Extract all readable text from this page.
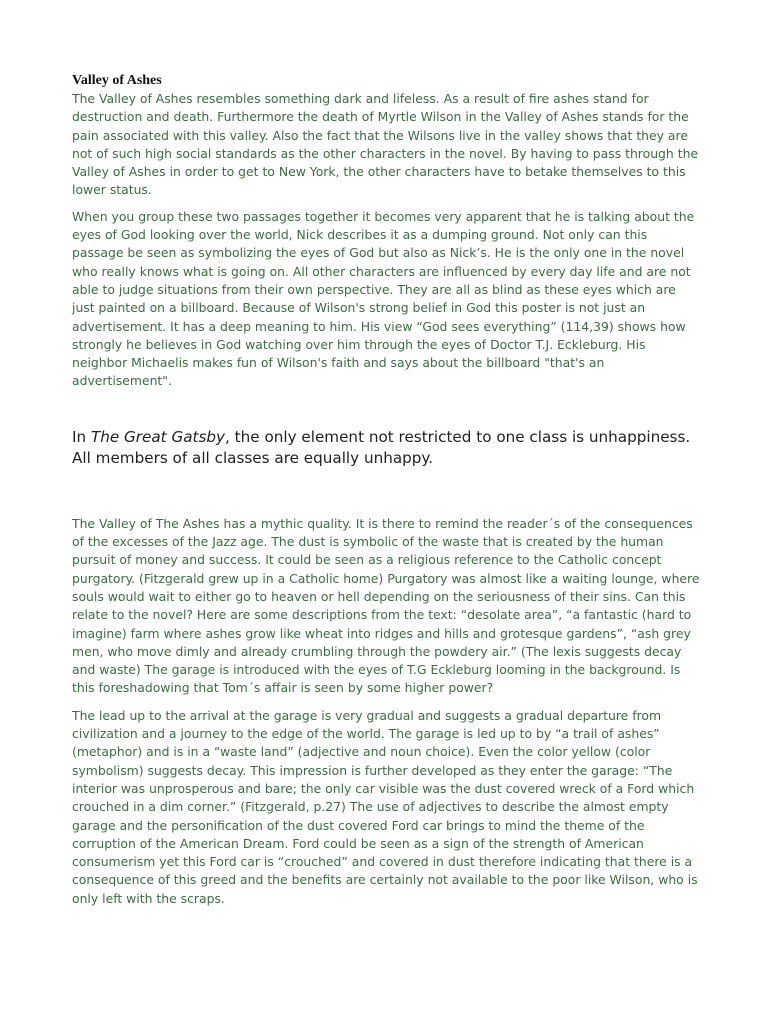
Valley of Ashes

The Valley of Ashes resembles something dark and lifeless. As a result of fire ashes stand for destruction and death. Furthermore the death of Myrtle Wilson in the Valley of Ashes stands for the pain associated with this valley. Also the fact that the Wilsons live in the valley shows that they are not of such high social standards as the other characters in the novel. By having to pass through the Valley of Ashes in order to get to New York, the other characters have to betake themselves to this lower status.

When you group these two passages together it becomes very apparent that he is talking about the eyes of God looking over the world, Nick describes it as a dumping ground. Not only can this passage be seen as symbolizing the eyes of God but also as Nick’s. He is the only one in the novel who really knows what is going on. All other characters are influenced by every day life and are not able to judge situations from their own perspective. They are all as blind as these eyes which are just painted on a billboard. Because of Wilson's strong belief in God this poster is not just an advertisement. It has a deep meaning to him. His view “God sees everything” (114,39) shows how strongly he believes in God watching over him through the eyes of Doctor T.J. Eckleburg. His neighbor Michaelis makes fun of Wilson's faith and says about the billboard "that's an advertisement".

In The Great Gatsby, the only element not restricted to one class is unhappiness. All members of all classes are equally unhappy.

The Valley of The Ashes has a mythic quality. It is there to remind the reader´s of the consequences of the excesses of the Jazz age. The dust is symbolic of the waste that is created by the human pursuit of money and success. It could be seen as a religious reference to the Catholic concept purgatory. (Fitzgerald grew up in a Catholic home) Purgatory was almost like a waiting lounge, where souls would wait to either go to heaven or hell depending on the seriousness of their sins. Can this relate to the novel? Here are some descriptions from the text: “desolate area”, “a fantastic (hard to imagine) farm where ashes grow like wheat into ridges and hills and grotesque gardens”, “ash grey men, who move dimly and already crumbling through the powdery air.” (The lexis suggests decay and waste) The garage is introduced with the eyes of T.G Eckleburg looming in the background. Is this foreshadowing that Tom´s affair is seen by some higher power?

The lead up to the arrival at the garage is very gradual and suggests a gradual departure from civilization and a journey to the edge of the world. The garage is led up to by “a trail of ashes” (metaphor) and is in a “waste land” (adjective and noun choice). Even the color yellow (color symbolism) suggests decay. This impression is further developed as they enter the garage: “The interior was unprosperous and bare; the only car visible was the dust covered wreck of a Ford which crouched in a dim corner.” (Fitzgerald, p.27) The use of adjectives to describe the almost empty garage and the personification of the dust covered Ford car brings to mind the theme of the corruption of the American Dream. Ford could be seen as a sign of the strength of American consumerism yet this Ford car is “crouched” and covered in dust therefore indicating that there is a consequence of this greed and the benefits are certainly not available to the poor like Wilson, who is only left with the scraps.
